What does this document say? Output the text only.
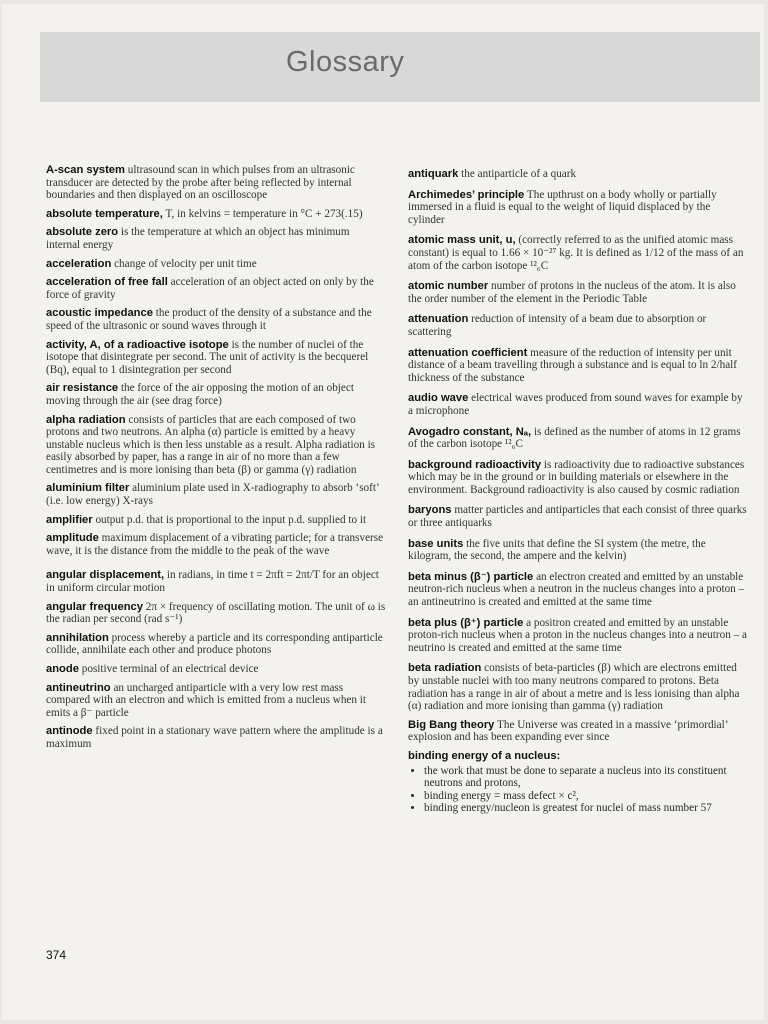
Glossary

A-scan system ultrasound scan in which pulses from an ultrasonic transducer are detected by the probe after being reflected by internal boundaries and then displayed on an oscilloscope

absolute temperature, T, in kelvins = temperature in °C + 273(.15)

absolute zero is the temperature at which an object has minimum internal energy

acceleration change of velocity per unit time

acceleration of free fall acceleration of an object acted on only by the force of gravity

acoustic impedance the product of the density of a substance and the speed of the ultrasonic or sound waves through it

activity, A, of a radioactive isotope is the number of nuclei of the isotope that disintegrate per second. The unit of activity is the becquerel (Bq), equal to 1 disintegration per second

air resistance the force of the air opposing the motion of an object moving through the air (see drag force)

alpha radiation consists of particles that are each composed of two protons and two neutrons. An alpha (α) particle is emitted by a heavy unstable nucleus which is then less unstable as a result. Alpha radiation is easily absorbed by paper, has a range in air of no more than a few centimetres and is more ionising than beta (β) or gamma (γ) radiation

aluminium filter aluminium plate used in X-radiography to absorb ‘soft’ (i.e. low energy) X-rays

amplifier output p.d. that is proportional to the input p.d. supplied to it

amplitude maximum displacement of a vibrating particle; for a transverse wave, it is the distance from the middle to the peak of the wave

angular displacement, in radians, in time t = 2πft = 2πt/T for an object in uniform circular motion

angular frequency 2π × frequency of oscillating motion. The unit of ω is the radian per second (rad s⁻¹)

annihilation process whereby a particle and its corresponding antiparticle collide, annihilate each other and produce photons

anode positive terminal of an electrical device

antineutrino an uncharged antiparticle with a very low rest mass compared with an electron and which is emitted from a nucleus when it emits a β⁻ particle

antinode fixed point in a stationary wave pattern where the amplitude is a maximum

antiquark the antiparticle of a quark

Archimedes’ principle The upthrust on a body wholly or partially immersed in a fluid is equal to the weight of liquid displaced by the cylinder

atomic mass unit, u, (correctly referred to as the unified atomic mass constant) is equal to 1.66 × 10⁻²⁷ kg. It is defined as 1/12 of the mass of an atom of the carbon isotope ¹²₆C

atomic number number of protons in the nucleus of the atom. It is also the order number of the element in the Periodic Table

attenuation reduction of intensity of a beam due to absorption or scattering

attenuation coefficient measure of the reduction of intensity per unit distance of a beam travelling through a substance and is equal to ln 2/half thickness of the substance

audio wave electrical waves produced from sound waves for example by a microphone

Avogadro constant, Nₐ, is defined as the number of atoms in 12 grams of the carbon isotope ¹²₆C

background radioactivity is radioactivity due to radioactive substances which may be in the ground or in building materials or elsewhere in the environment. Background radioactivity is also caused by cosmic radiation

baryons matter particles and antiparticles that each consist of three quarks or three antiquarks

base units the five units that define the SI system (the metre, the kilogram, the second, the ampere and the kelvin)

beta minus (β⁻) particle an electron created and emitted by an unstable neutron-rich nucleus when a neutron in the nucleus changes into a proton – an antineutrino is created and emitted at the same time

beta plus (β⁺) particle a positron created and emitted by an unstable proton-rich nucleus when a proton in the nucleus changes into a neutron – a neutrino is created and emitted at the same time

beta radiation consists of beta-particles (β) which are electrons emitted by unstable nuclei with too many neutrons compared to protons. Beta radiation has a range in air of about a metre and is less ionising than alpha (α) radiation and more ionising than gamma (γ) radiation

Big Bang theory The Universe was created in a massive ‘primordial’ explosion and has been expanding ever since

binding energy of a nucleus:

• the work that must be done to separate a nucleus into its constituent neutrons and protons,
• binding energy = mass defect × c²,
• binding energy/nucleon is greatest for nuclei of mass number 57
374
